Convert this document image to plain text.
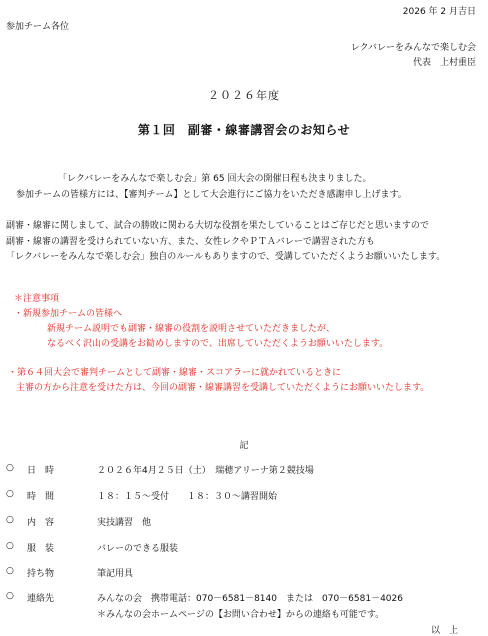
2026 年 2 月吉日
参加チーム各位
レクバレーをみんなで楽しむ会
代表　上村重臣
２０２６年度
第１回　副審・線審講習会のお知らせ
「レクバレーをみんなで楽しむ会」第 65 回大会の開催日程も決まりました。
参加チームの皆様方には、【審判チーム】として大会進行にご協力をいただき感謝申し上げます。
副審・線審に関しまして、試合の勝敗に関わる大切な役割を果たしていることはご存じだと思いますので
副審・線審の講習を受けられていない方、また、女性レクやＰＴＡバレーで講習された方も
「レクバレーをみんなで楽しむ会」独自のルールもありますので、受講していただくようお願いいたします。
＊注意事項
・新規参加チームの皆様へ
新規チーム説明でも副審・線審の役割を説明させていただきましたが、
なるべく沢山の受講をお勧めしますので、出席していただくようお願いいたします。
・第６４回大会で審判チームとして副審・線審・スコアラーに就かれているときに
主審の方から注意を受けた方は、今回の副審・線審講習を受講していただくようにお願いいたします。
記
○ 日　時	２０２６年4月２５日（土）　瑞穂アリーナ第２競技場
○ 時　間	１８：１５～受付　　１８：３０～講習開始
○ 内　容	実技講習　他
○ 服　装	バレーのできる服装
○ 持ち物	筆記用具
○ 連絡先	みんなの会　携帯電話：070－6581－8140　または　070－6581－4026
＊みんなの会ホームページの【お問い合わせ】からの連絡も可能です。
以　上
